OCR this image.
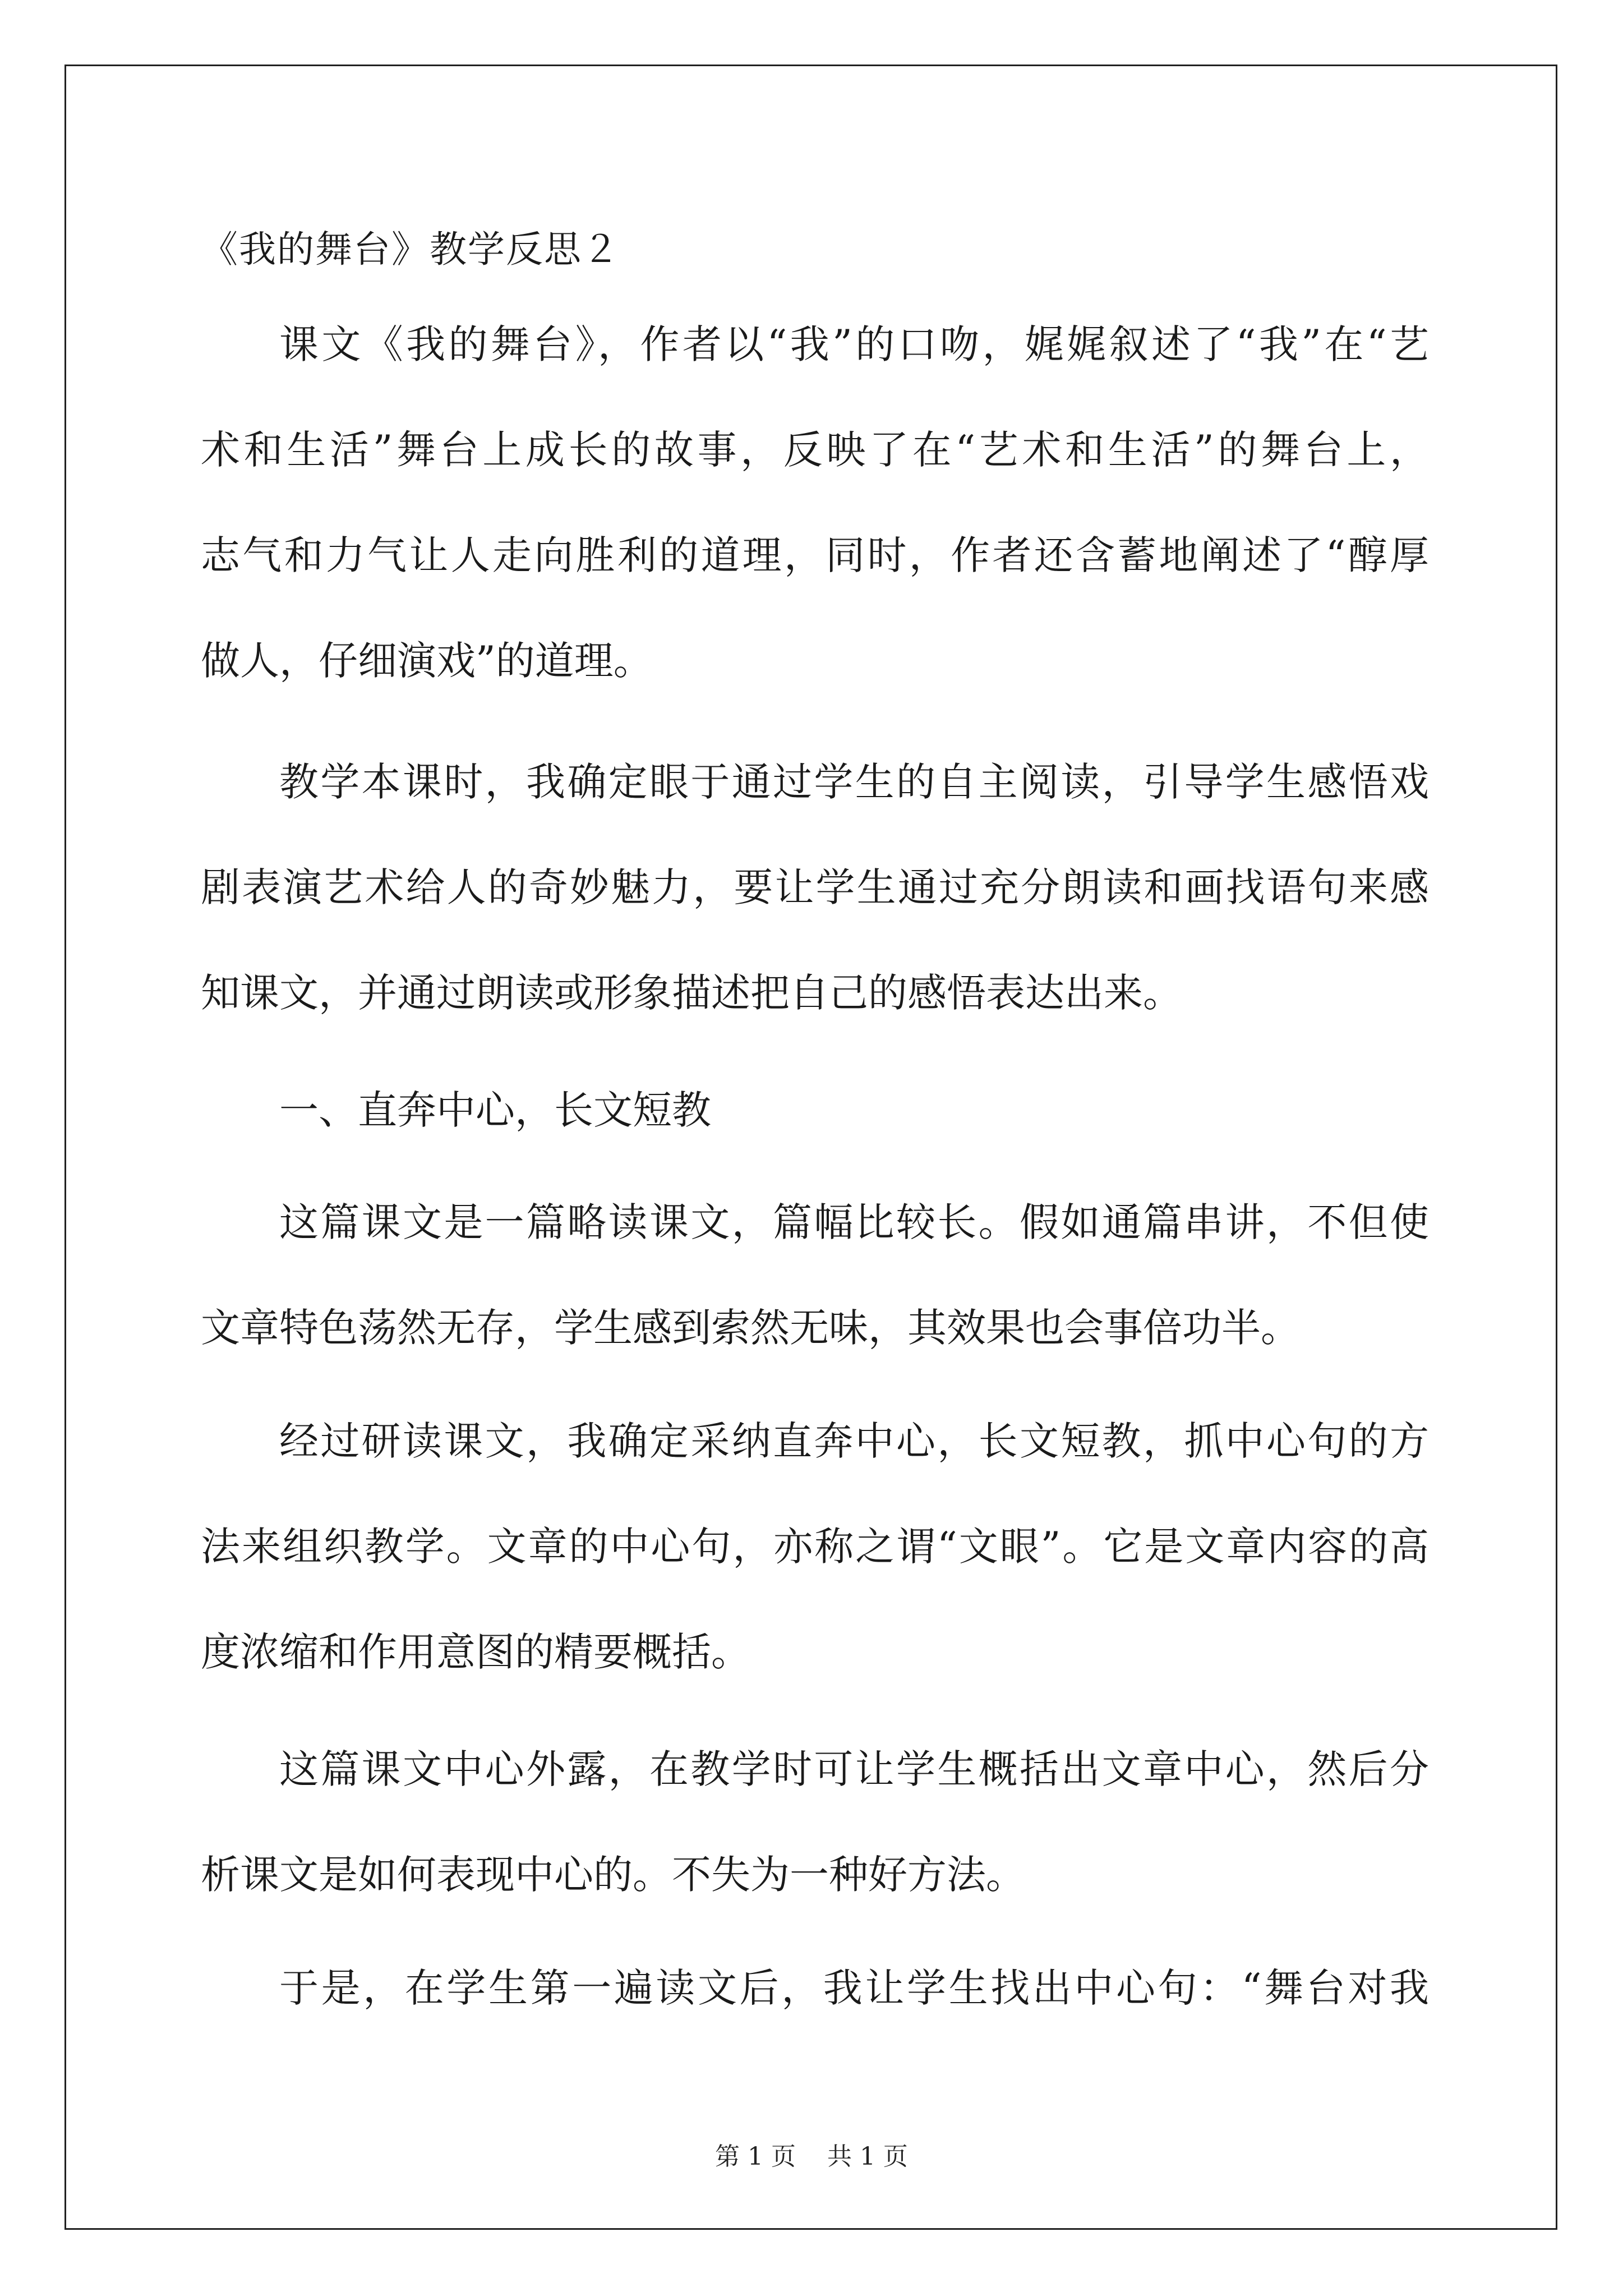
《我的舞台》教学反思２
课文《我的舞台》，作者以“我”的口吻，娓娓叙述了“我”在“艺
术和生活”舞台上成长的故事，反映了在“艺术和生活”的舞台上，
志气和力气让人走向胜利的道理，同时，作者还含蓄地阐述了“醇厚
做人，仔细演戏”的道理。
教学本课时，我确定眼于通过学生的自主阅读，引导学生感悟戏
剧表演艺术给人的奇妙魅力，要让学生通过充分朗读和画找语句来感
知课文，并通过朗读或形象描述把自己的感悟表达出来。
一、直奔中心，长文短教
这篇课文是一篇略读课文，篇幅比较长。假如通篇串讲，不但使
文章特色荡然无存，学生感到索然无味，其效果也会事倍功半。
经过研读课文，我确定采纳直奔中心，长文短教，抓中心句的方
法来组织教学。文章的中心句，亦称之谓“文眼”。它是文章内容的高
度浓缩和作用意图的精要概括。
这篇课文中心外露，在教学时可让学生概括出文章中心，然后分
析课文是如何表现中心的。不失为一种好方法。
于是，在学生第一遍读文后，我让学生找出中心句：“舞台对我
第 1 页    共 1 页
